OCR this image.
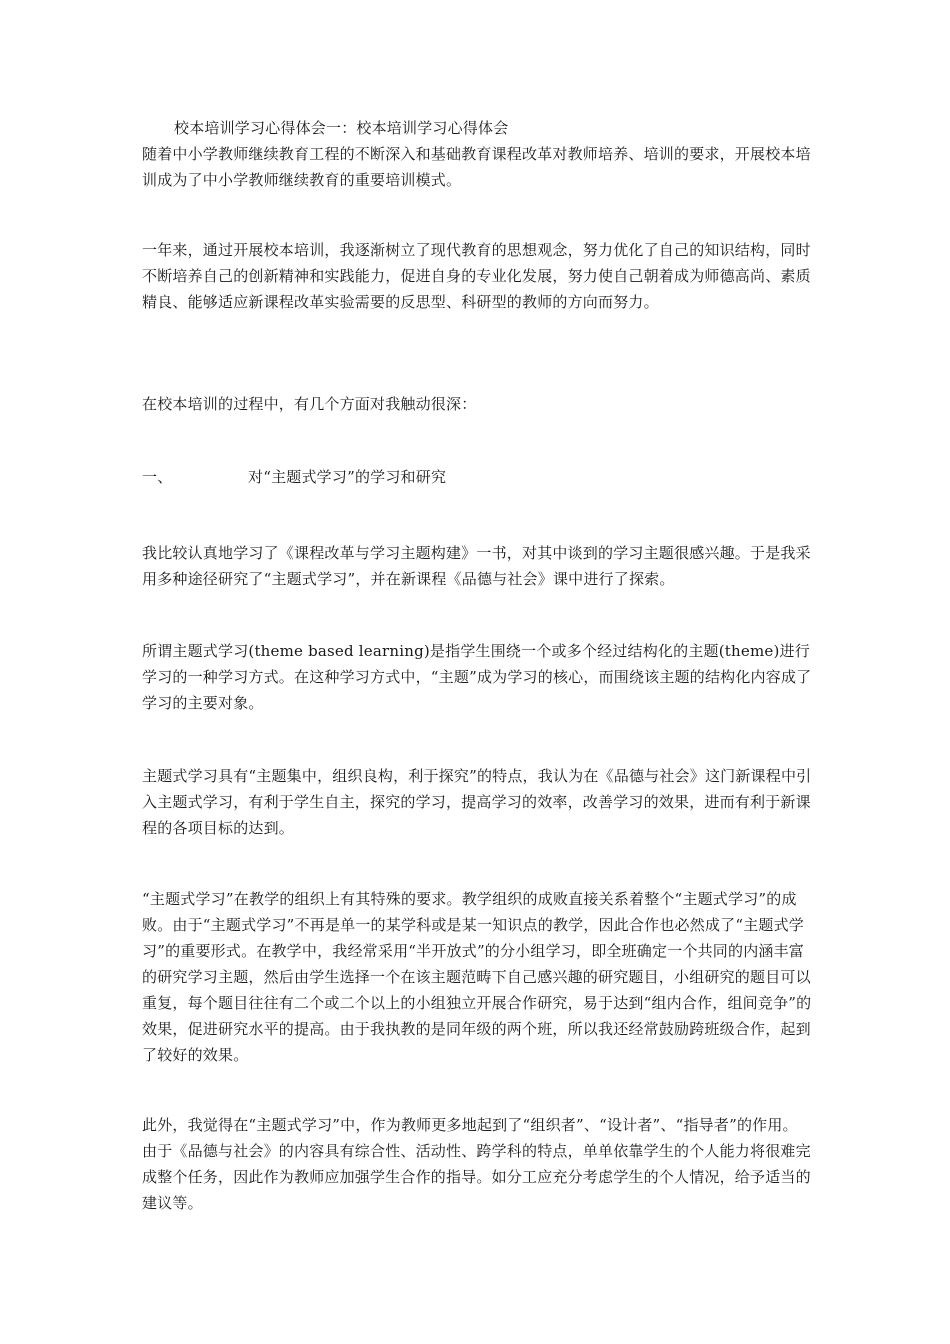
校本培训学习心得体会一：校本培训学习心得体会

随着中小学教师继续教育工程的不断深入和基础教育课程改革对教师培养、培训的要求，开展校本培训成为了中小学教师继续教育的重要培训模式。

一年来，通过开展校本培训，我逐渐树立了现代教育的思想观念，努力优化了自己的知识结构，同时不断培养自己的创新精神和实践能力，促进自身的专业化发展，努力使自己朝着成为师德高尚、素质精良、能够适应新课程改革实验需要的反思型、科研型的教师的方向而努力。

在校本培训的过程中，有几个方面对我触动很深：

一、	对“主题式学习”的学习和研究

我比较认真地学习了《课程改革与学习主题构建》一书，对其中谈到的学习主题很感兴趣。于是我采用多种途径研究了“主题式学习”，并在新课程《品德与社会》课中进行了探索。

所谓主题式学习(theme based learning)是指学生围绕一个或多个经过结构化的主题(theme)进行学习的一种学习方式。在这种学习方式中，“主题”成为学习的核心，而围绕该主题的结构化内容成了学习的主要对象。

主题式学习具有“主题集中，组织良构，利于探究”的特点，我认为在《品德与社会》这门新课程中引入主题式学习，有利于学生自主，探究的学习，提高学习的效率，改善学习的效果，进而有利于新课程的各项目标的达到。

“主题式学习”在教学的组织上有其特殊的要求。教学组织的成败直接关系着整个“主题式学习”的成败。由于“主题式学习”不再是单一的某学科或是某一知识点的教学，因此合作也必然成了“主题式学习”的重要形式。在教学中，我经常采用“半开放式”的分小组学习，即全班确定一个共同的内涵丰富的研究学习主题，然后由学生选择一个在该主题范畴下自己感兴趣的研究题目，小组研究的题目可以重复，每个题目往往有二个或二个以上的小组独立开展合作研究，易于达到“组内合作，组间竞争”的效果，促进研究水平的提高。由于我执教的是同年级的两个班，所以我还经常鼓励跨班级合作，起到了较好的效果。

此外，我觉得在“主题式学习”中，作为教师更多地起到了“组织者”、“设计者”、“指导者”的作用。由于《品德与社会》的内容具有综合性、活动性、跨学科的特点，单单依靠学生的个人能力将很难完成整个任务，因此作为教师应加强学生合作的指导。如分工应充分考虑学生的个人情况，给予适当的建议等。
